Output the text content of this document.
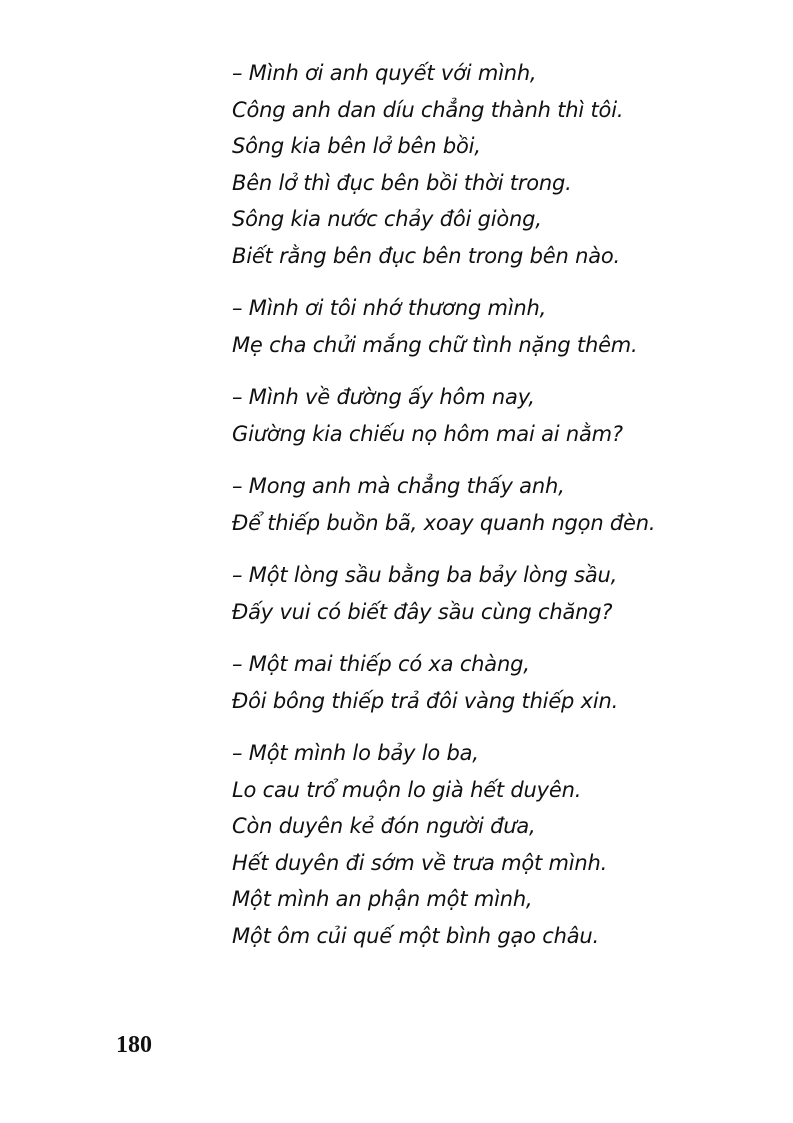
– Mình ơi anh quyết với mình,
Công anh dan díu chẳng thành thì tôi.
Sông kia bên lở bên bồi,
Bên lở thì đục bên bồi thời trong.
Sông kia nước chảy đôi giòng,
Biết rằng bên đục bên trong bên nào.
– Mình ơi tôi nhớ thương mình,
Mẹ cha chửi mắng chữ tình nặng thêm.
– Mình về đường ấy hôm nay,
Giường kia chiếu nọ hôm mai ai nằm?
– Mong anh mà chẳng thấy anh,
Để thiếp buồn bã, xoay quanh ngọn đèn.
– Một lòng sầu bằng ba bảy lòng sầu,
Đấy vui có biết đây sầu cùng chăng?
– Một mai thiếp có xa chàng,
Đôi bông thiếp trả đôi vàng thiếp xin.
– Một mình lo bảy lo ba,
Lo cau trổ muộn lo già hết duyên.
Còn duyên kẻ đón người đưa,
Hết duyên đi sớm về trưa một mình.
Một mình an phận một mình,
Một ôm củi quế một bình gạo châu.
180
